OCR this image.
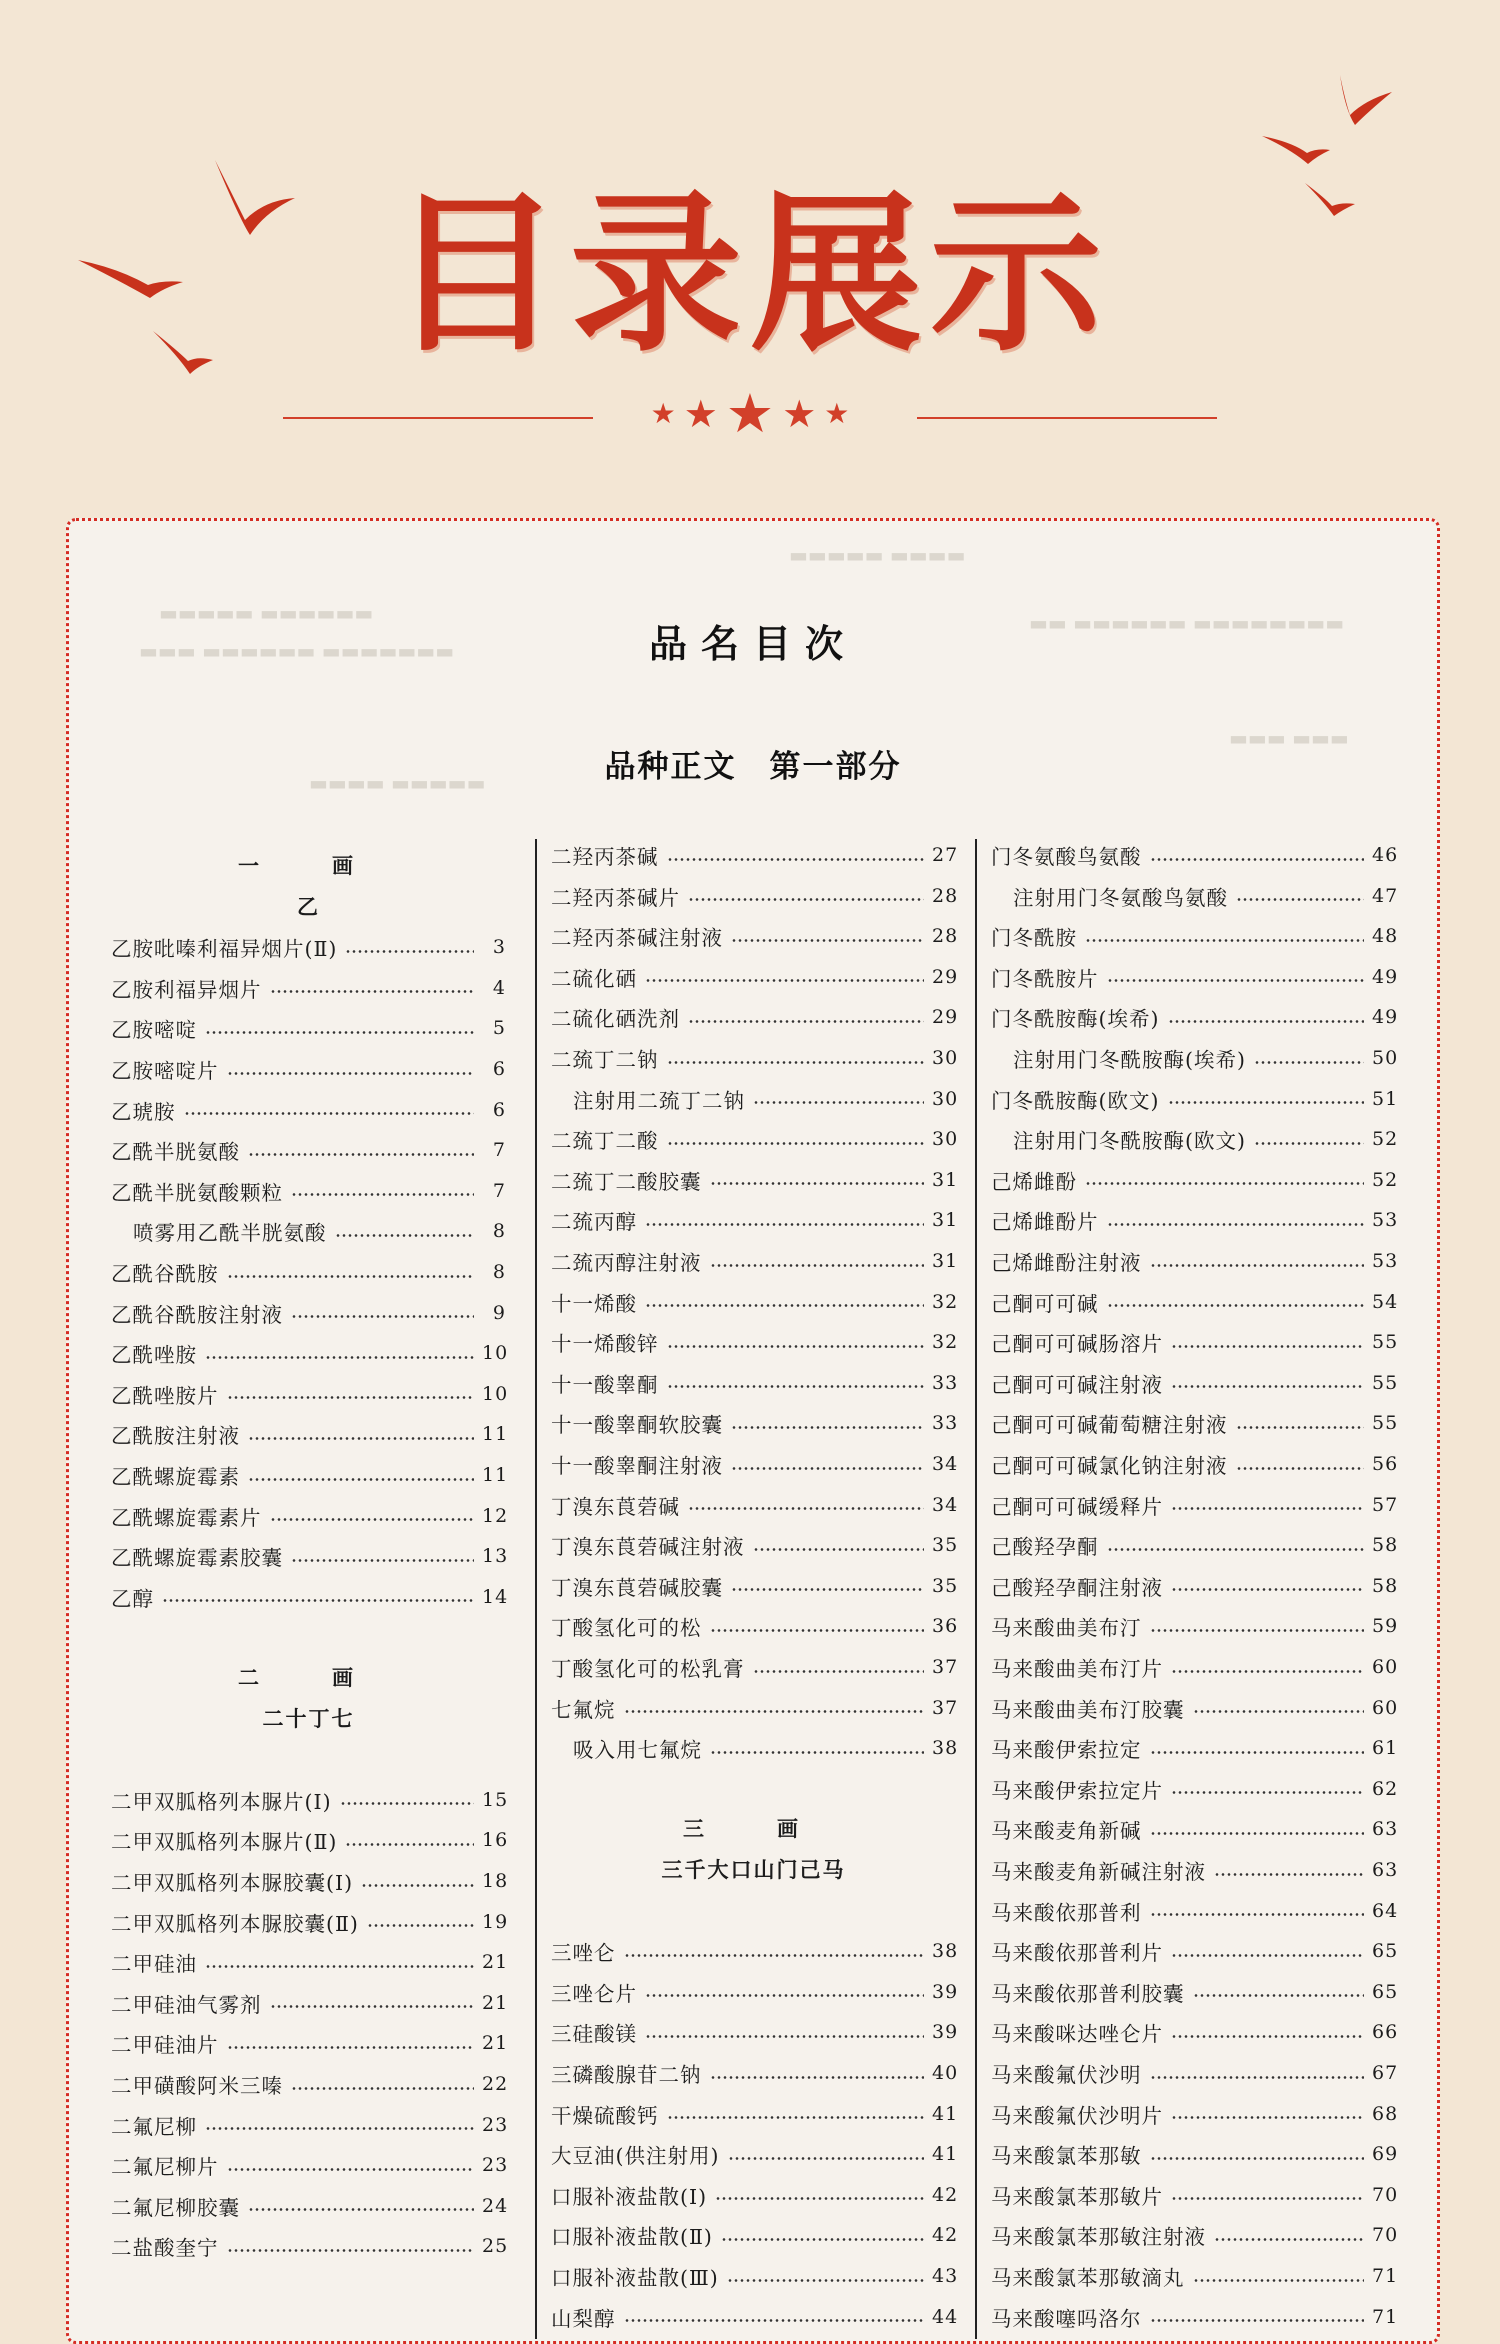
目录展示
★ ★ ★ ★ ★
▬▬▬▬▬▬ ▬▬▬▬▬
▬▬▬▬▬▬▬ ▬▬▬▬▬▬ ▬▬▬
▬▬▬▬▬▬▬▬ ▬▬▬▬▬▬ ▬▬
▬▬▬▬ ▬▬▬▬▬
▬▬▬ ▬▬▬
▬▬▬▬▬ ▬▬▬▬
品名目次
品种正文　第一部分
一　画
乙
乙胺吡嗪利福异烟片(Ⅱ)	3
乙胺利福异烟片	4
乙胺嘧啶	5
乙胺嘧啶片	6
乙琥胺	6
乙酰半胱氨酸	7
乙酰半胱氨酸颗粒	7
喷雾用乙酰半胱氨酸	8
乙酰谷酰胺	8
乙酰谷酰胺注射液	9
乙酰唑胺	10
乙酰唑胺片	10
乙酰胺注射液	11
乙酰螺旋霉素	11
乙酰螺旋霉素片	12
乙酰螺旋霉素胶囊	13
乙醇	14
二　画
二十丁七
二甲双胍格列本脲片(Ⅰ)	15
二甲双胍格列本脲片(Ⅱ)	16
二甲双胍格列本脲胶囊(Ⅰ)	18
二甲双胍格列本脲胶囊(Ⅱ)	19
二甲硅油	21
二甲硅油气雾剂	21
二甲硅油片	21
二甲磺酸阿米三嗪	22
二氟尼柳	23
二氟尼柳片	23
二氟尼柳胶囊	24
二盐酸奎宁	25
二羟丙茶碱	27
二羟丙茶碱片	28
二羟丙茶碱注射液	28
二硫化硒	29
二硫化硒洗剂	29
二巯丁二钠	30
注射用二巯丁二钠	30
二巯丁二酸	30
二巯丁二酸胶囊	31
二巯丙醇	31
二巯丙醇注射液	31
十一烯酸	32
十一烯酸锌	32
十一酸睾酮	33
十一酸睾酮软胶囊	33
十一酸睾酮注射液	34
丁溴东莨菪碱	34
丁溴东莨菪碱注射液	35
丁溴东莨菪碱胶囊	35
丁酸氢化可的松	36
丁酸氢化可的松乳膏	37
七氟烷	37
吸入用七氟烷	38
三　画
三千大口山门己马
三唑仑	38
三唑仑片	39
三硅酸镁	39
三磷酸腺苷二钠	40
干燥硫酸钙	41
大豆油(供注射用)	41
口服补液盐散(Ⅰ)	42
口服补液盐散(Ⅱ)	42
口服补液盐散(Ⅲ)	43
山梨醇	44
门冬氨酸鸟氨酸	46
注射用门冬氨酸鸟氨酸	47
门冬酰胺	48
门冬酰胺片	49
门冬酰胺酶(埃希)	49
注射用门冬酰胺酶(埃希)	50
门冬酰胺酶(欧文)	51
注射用门冬酰胺酶(欧文)	52
己烯雌酚	52
己烯雌酚片	53
己烯雌酚注射液	53
己酮可可碱	54
己酮可可碱肠溶片	55
己酮可可碱注射液	55
己酮可可碱葡萄糖注射液	55
己酮可可碱氯化钠注射液	56
己酮可可碱缓释片	57
己酸羟孕酮	58
己酸羟孕酮注射液	58
马来酸曲美布汀	59
马来酸曲美布汀片	60
马来酸曲美布汀胶囊	60
马来酸伊索拉定	61
马来酸伊索拉定片	62
马来酸麦角新碱	63
马来酸麦角新碱注射液	63
马来酸依那普利	64
马来酸依那普利片	65
马来酸依那普利胶囊	65
马来酸咪达唑仑片	66
马来酸氟伏沙明	67
马来酸氟伏沙明片	68
马来酸氯苯那敏	69
马来酸氯苯那敏片	70
马来酸氯苯那敏注射液	70
马来酸氯苯那敏滴丸	71
马来酸噻吗洛尔	71
